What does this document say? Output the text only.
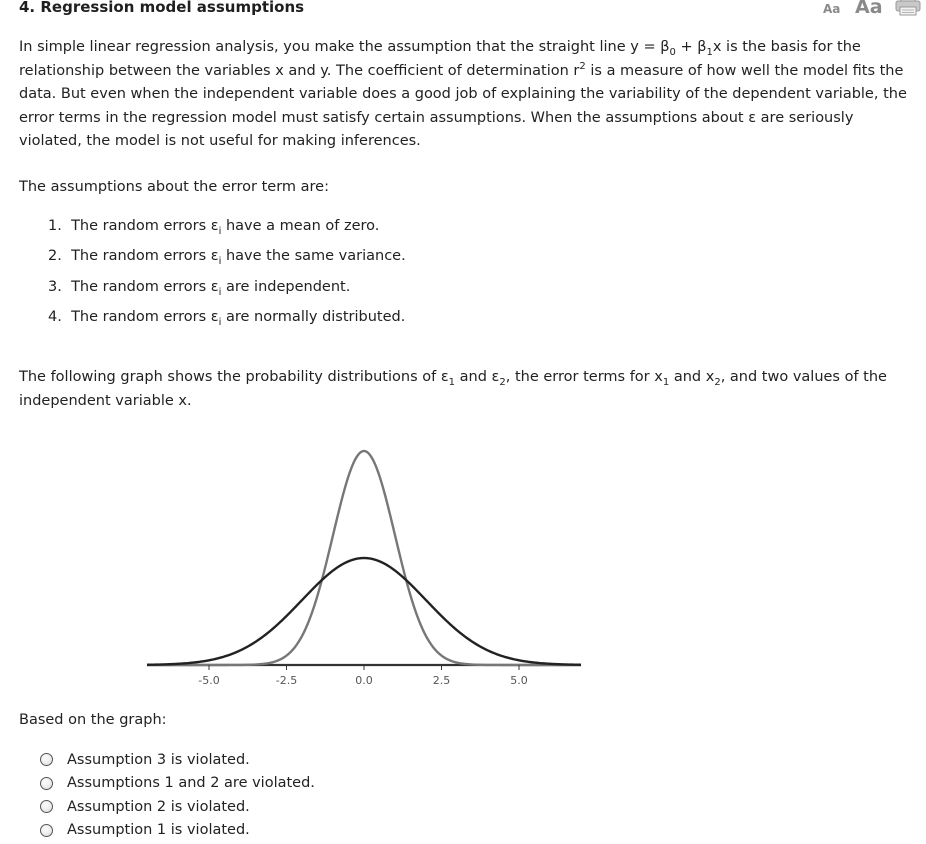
4. Regression model assumptions	Aa Aa
In simple linear regression analysis, you make the assumption that the straight line $y = \beta_0 + \beta_1x$ is the basis for the relationship between the variables x and y. The coefficient of determination $r^2$ is a measure of how well the model fits the data. But even when the independent variable does a good job of explaining the variability of the dependent variable, the error terms in the regression model must satisfy certain assumptions. When the assumptions about ε are seriously violated, the model is not useful for making inferences.
The assumptions about the error term are:
1. The random errors $\varepsilon_i$ have a mean of zero.
2. The random errors $\varepsilon_i$ have the same variance.
3. The random errors $\varepsilon_i$ are independent.
4. The random errors $\varepsilon_i$ are normally distributed.
The following graph shows the probability distributions of $\varepsilon_1$ and $\varepsilon_2$, the error terms for $x_1$ and $x_2$, and two values of the independent variable x.
-5.0	-2.5	0.0	2.5	5.0
Based on the graph:
Assumption 3 is violated.
Assumptions 1 and 2 are violated.
Assumption 2 is violated.
Assumption 1 is violated.
